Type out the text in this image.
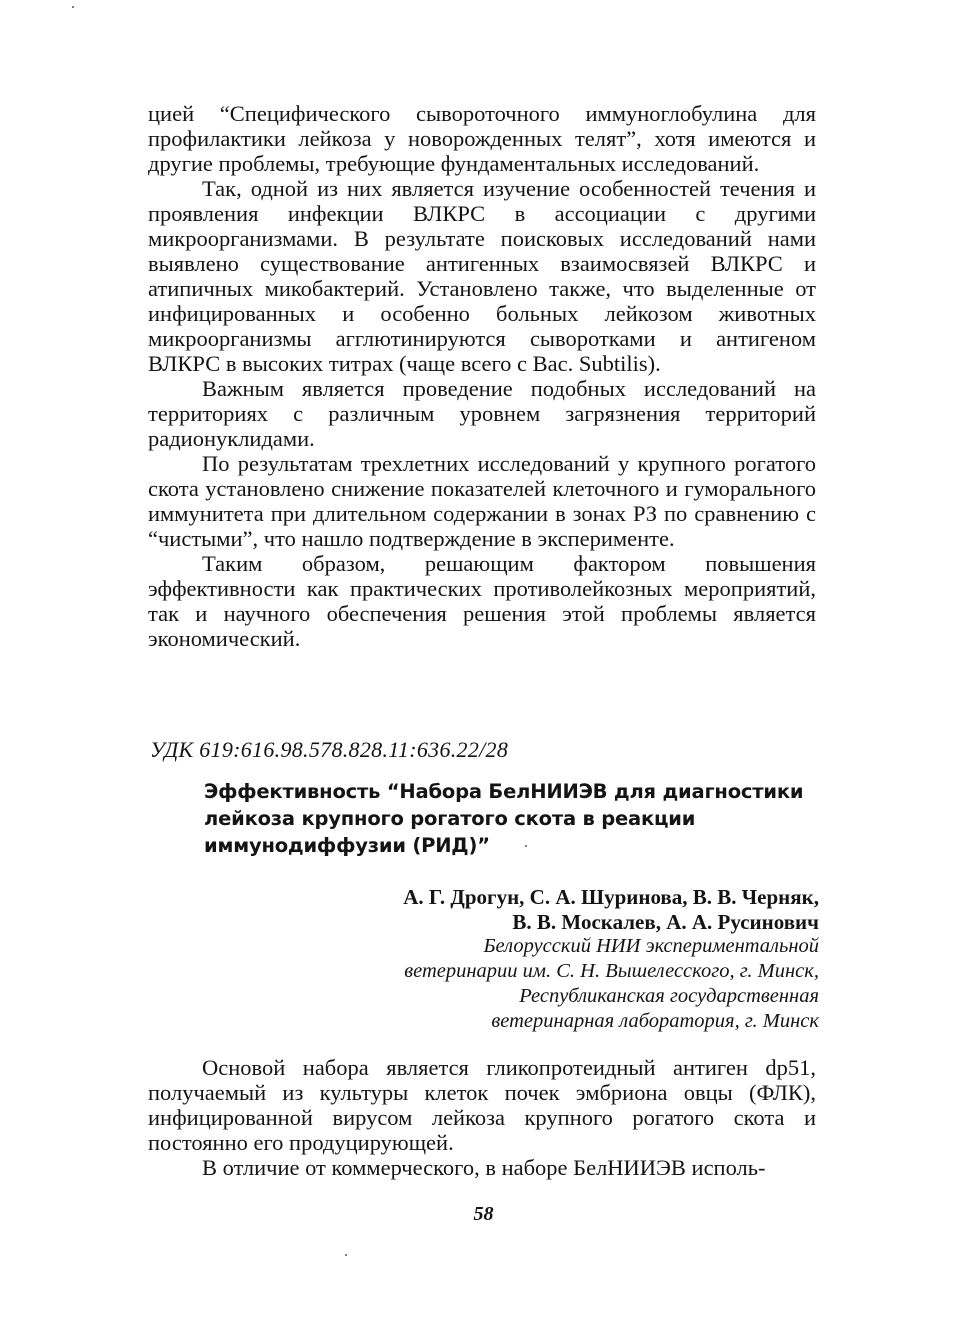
цией “Специфического сывороточного иммуноглобулина для профилактики лейкоза у новорожденных телят”, хотя имеются и другие проблемы, требующие фундаментальных исследований.

Так, одной из них является изучение особенностей течения и проявления инфекции ВЛКРС в ассоциации с другими микроорганизмами. В результате поисковых исследований нами выявлено существование антигенных взаимосвязей ВЛКРС и атипичных микобактерий. Установлено также, что выделенные от инфицированных и особенно больных лейкозом животных микроорганизмы агглютинируются сыворотками и антигеном ВЛКРС в высоких титрах (чаще всего с Bac. Subtilis).

Важным является проведение подобных исследований на территориях с различным уровнем загрязнения территорий радионуклидами.

По результатам трехлетних исследований у крупного рогатого скота установлено снижение показателей клеточного и гуморального иммунитета при длительном содержании в зонах РЗ по сравнению с “чистыми”, что нашло подтверждение в эксперименте.

Таким образом, решающим фактором повышения эффективности как практических противолейкозных мероприятий, так и научного обеспечения решения этой проблемы является экономический.

УДК 619:616.98.578.828.11:636.22/28

Эффективность “Набора БелНИИЭВ для диагностики лейкоза крупного рогатого скота в реакции иммунодиффузии (РИД)”

А. Г. Дрогун, С. А. Шуринова, В. В. Черняк,
В. В. Москалев, А. А. Русинович

Белорусский НИИ экспериментальной
ветеринарии им. С. Н. Вышелесского, г. Минск,
Республиканская государственная
ветеринарная лаборатория, г. Минск

Основой набора является гликопротеидный антиген dp51, получаемый из культуры клеток почек эмбриона овцы (ФЛК), инфицированной вирусом лейкоза крупного рогатого скота и постоянно его продуцирующей.

В отличие от коммерческого, в наборе БелНИИЭВ исполь-

58
